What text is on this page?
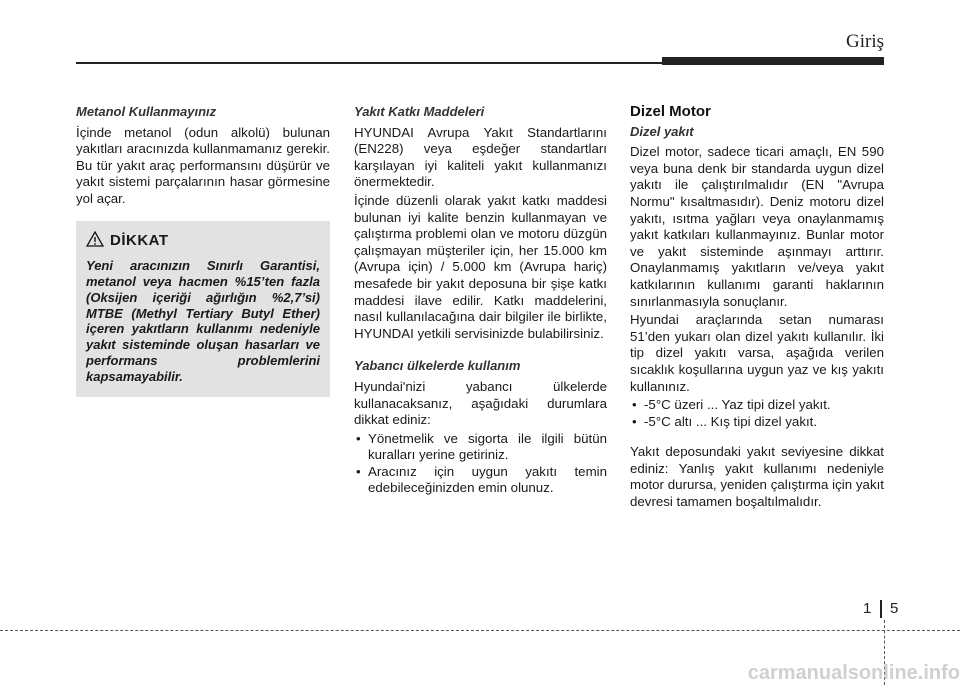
Giriş

Metanol Kullanmayınız

İçinde metanol (odun alkolü) bulunan yakıtları aracınızda kullanmamanız gerekir. Bu tür yakıt araç performansını düşürür ve yakıt sistemi parçalarının hasar görmesine yol açar.

DİKKAT
Yeni aracınızın Sınırlı Garantisi, metanol veya hacmen %15’ten fazla (Oksijen içeriği ağırlığın %2,7’si) MTBE (Methyl Tertiary Butyl Ether) içeren yakıtların kullanımı nedeniyle yakıt sisteminde oluşan hasarları ve performans problemlerini kapsamayabilir.

Yakıt Katkı Maddeleri

HYUNDAI Avrupa Yakıt Standartlarını (EN228) veya eşdeğer standartları karşılayan iyi kaliteli yakıt kullanmanızı önermektedir.

İçinde düzenli olarak yakıt katkı maddesi bulunan iyi kalite benzin kullanmayan ve çalıştırma problemi olan ve motoru düzgün çalışmayan müşteriler için, her 15.000 km (Avrupa için) / 5.000 km (Avrupa hariç) mesafede bir yakıt deposuna bir şişe katkı maddesi ilave edilir. Katkı maddelerini, nasıl kullanılacağına dair bilgiler ile birlikte, HYUNDAI yetkili servisinizde bulabilirsiniz.

Yabancı ülkelerde kullanım

Hyundai'nizi yabancı ülkelerde kullanacaksanız, aşağıdaki durumlara dikkat ediniz:

• Yönetmelik ve sigorta ile ilgili bütün kuralları yerine getiriniz.
• Aracınız için uygun yakıtı temin edebileceğinizden emin olunuz.

Dizel Motor

Dizel yakıt

Dizel motor, sadece ticari amaçlı, EN 590 veya buna denk bir standarda uygun dizel yakıtı ile çalıştırılmalıdır (EN "Avrupa Normu" kısaltmasıdır). Deniz motoru dizel yakıtı, ısıtma yağları veya onaylanmamış yakıt katkıları kullanmayınız. Bunlar motor ve yakıt sisteminde aşınmayı arttırır. Onaylanmamış yakıtların ve/veya yakıt katkılarının kullanımı garanti haklarının sınırlanmasıyla sonuçlanır.

Hyundai araçlarında setan numarası 51’den yukarı olan dizel yakıtı kullanılır. İki tip dizel yakıtı varsa, aşağıda verilen sıcaklık koşullarına uygun yaz ve kış yakıtı kullanınız.

• -5°C üzeri ... Yaz tipi dizel yakıt.
• -5°C altı ... Kış tipi dizel yakıt.

Yakıt deposundaki yakıt seviyesine dikkat ediniz: Yanlış yakıt kullanımı nedeniyle motor durursa, yeniden çalıştırma için yakıt devresi tamamen boşaltılmalıdır.

1 5
carmanualsonline.info
